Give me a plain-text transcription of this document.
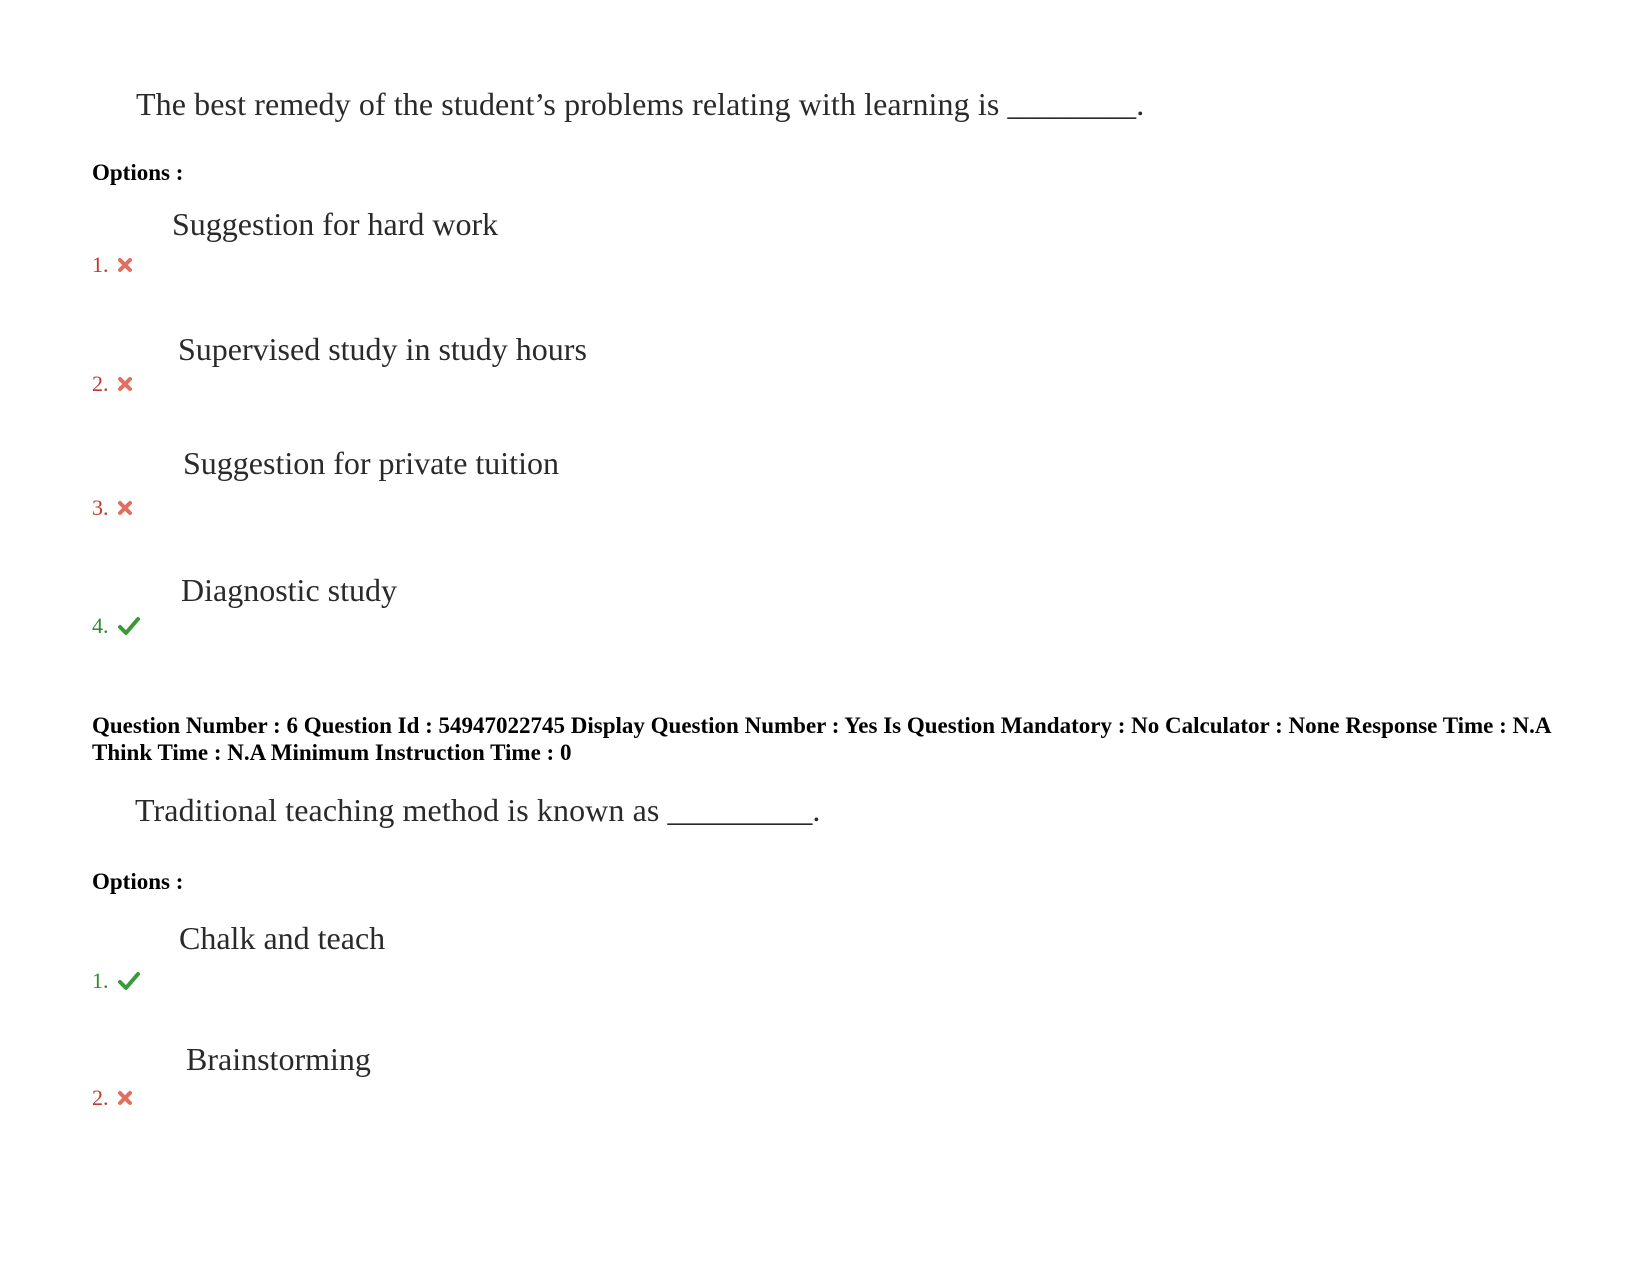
The best remedy of the student’s problems relating with learning is ________.
Options :
Suggestion for hard work
1.
Supervised study in study hours
2.
Suggestion for private tuition
3.
Diagnostic study
4.
Question Number : 6 Question Id : 54947022745 Display Question Number : Yes Is Question Mandatory : No Calculator : None Response Time : N.A Think Time : N.A Minimum Instruction Time : 0
Traditional teaching method is known as _________.
Options :
Chalk and teach
1.
Brainstorming
2.
